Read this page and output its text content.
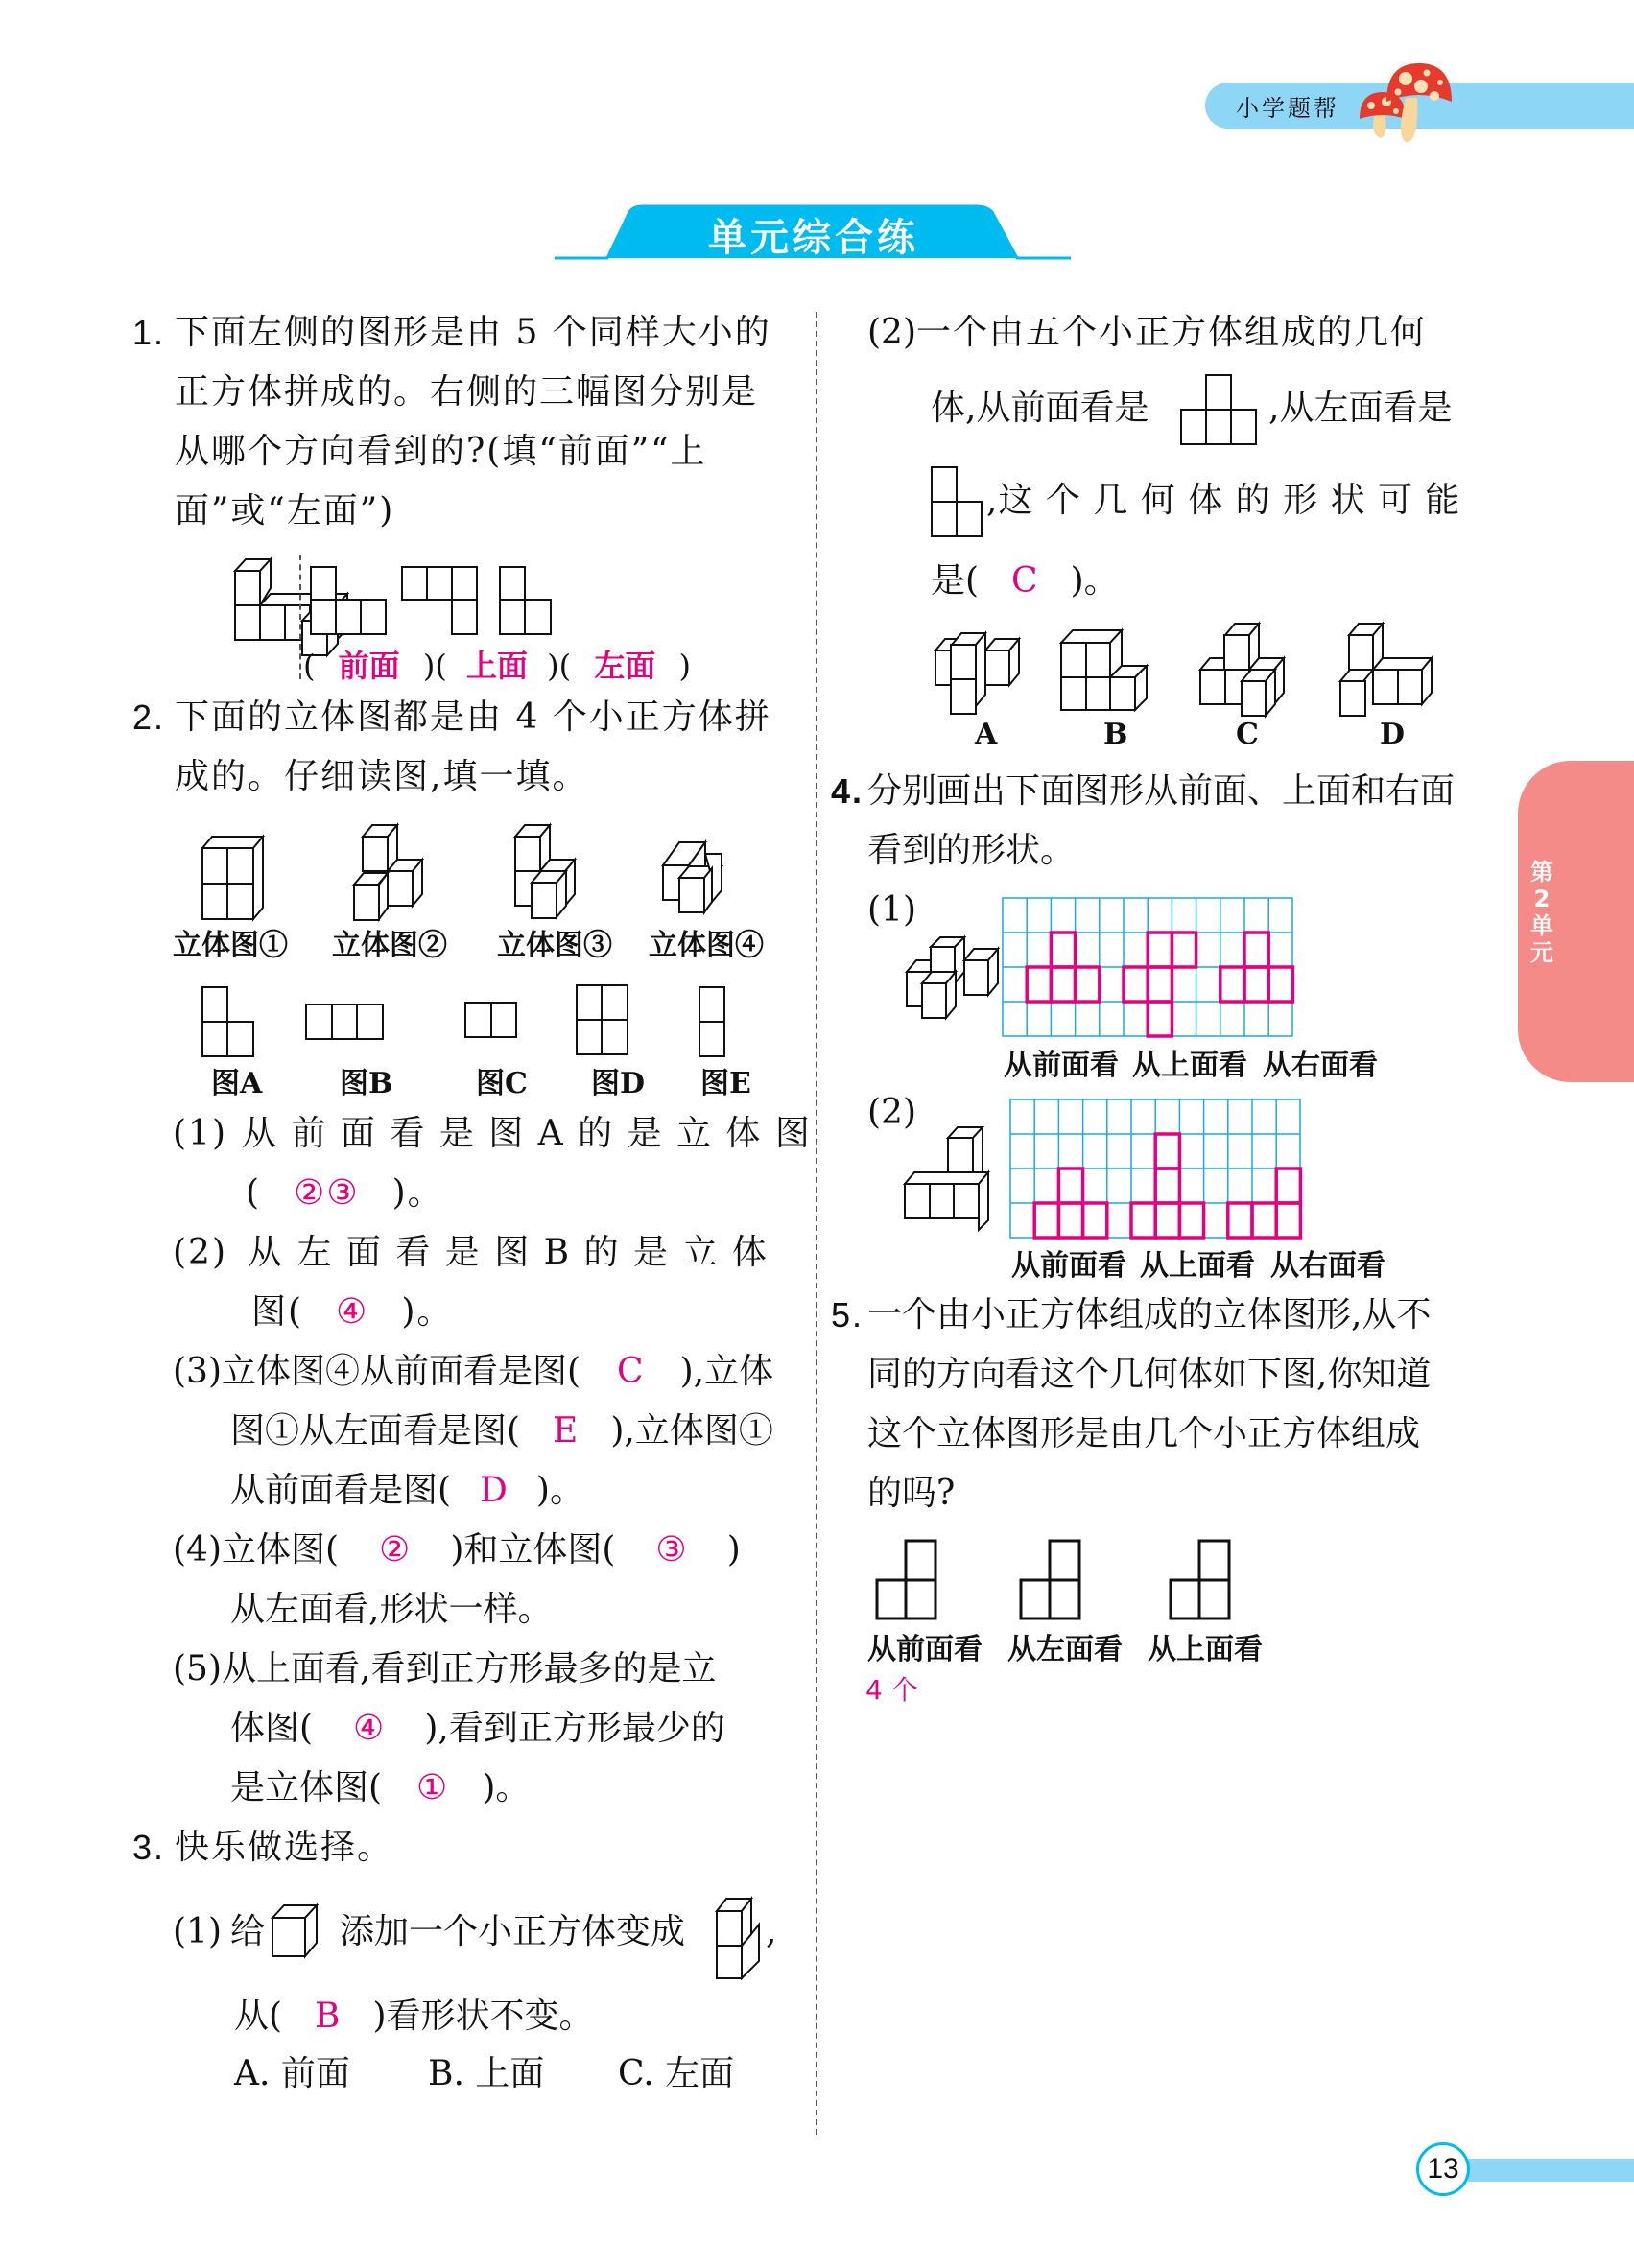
小学题帮
单元综合练
第
2
单
元
13
1. 下面左侧的图形是由 5 个同样大小的
正方体拼成的。右侧的三幅图分别是
从哪个方向看到的?(填“前面”“上
面”或“左面”)
( 前面 )( 上面 )( 左面 )
2. 下面的立体图都是由 4 个小正方体拼
成的。仔细读图,填一填。
立体图① 立体图② 立体图③ 立体图④
图A	图B	图C 图D 图E
(1) 从 前 面 看 是 图 A 的 是 立 体 图
( ②③ )。
(2) 从 左 面 看 是 图 B 的 是 立 体
图( ④ )。
(3)立体图④从前面看是图( C ),立体
图①从左面看是图( E ),立体图①
从前面看是图( D )。
(4)立体图( ② )和立体图( ③ )
从左面看,形状一样。
(5)从上面看,看到正方形最多的是立
体图( ④ ),看到正方形最少的
是立体图( ① )。
3. 快乐做选择。
(1) 给 添加一个小正方体变成 ,
从( B )看形状不变。
A. 前面 B. 上面 C. 左面
(2)一个由五个小正方体组成的几何
体,从前面看是	,从左面看是
,这 个 几 何 体 的 形 状 可 能
是( C )。
A	B	C	D
4. 分别画出下面图形从前面、上面和右面
看到的形状。
(1)
从前面看 从上面看 从右面看
(2)
从前面看 从上面看 从右面看
5. 一个由小正方体组成的立体图形,从不
同的方向看这个几何体如下图,你知道
这个立体图形是由几个小正方体组成
的吗?
从前面看 从左面看 从上面看
4 个
